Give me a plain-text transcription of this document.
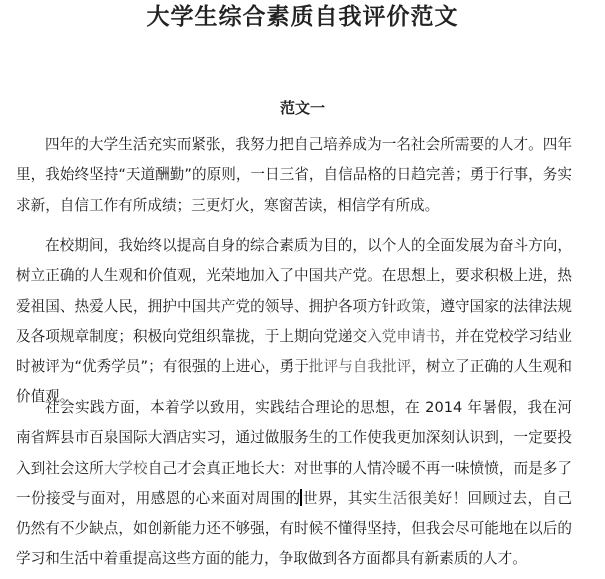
大学生综合素质自我评价范文
范文一

四年的大学生活充实而紧张，我努力把自己培养成为一名社会所需要的人才。四年里，我始终坚持“天道酬勤”的原则，一日三省，自信品格的日趋完善；勇于行事，务实求新，自信工作有所成绩；三更灯火，寒窗苦读，相信学有所成。

在校期间，我始终以提高自身的综合素质为目的，以个人的全面发展为奋斗方向，树立正确的人生观和价值观，光荣地加入了中国共产党。在思想上，要求积极上进，热爱祖国、热爱人民，拥护中国共产党的领导、拥护各项方针政策，遵守国家的法律法规及各项规章制度；积极向党组织靠拢，于上期向党递交入党申请书，并在党校学习结业时被评为“优秀学员”；有很强的上进心，勇于批评与自我批评，树立了正确的人生观和价值观。

社会实践方面，本着学以致用，实践结合理论的思想，在 2014 年暑假，我在河南省辉县市百泉国际大酒店实习，通过做服务生的工作使我更加深刻认识到，一定要投入到社会这所大学校自己才会真正地长大：对世事的人情冷暖不再一味愤愤，而是多了一份接受与面对，用感恩的心来面对周围的 世界，其实生活很美好！回顾过去，自己仍然有不少缺点，如创新能力还不够强，有时候不懂得坚持，但我会尽可能地在以后的学习和生活中着重提高这些方面的能力，争取做到各方面都具有新素质的人才。
